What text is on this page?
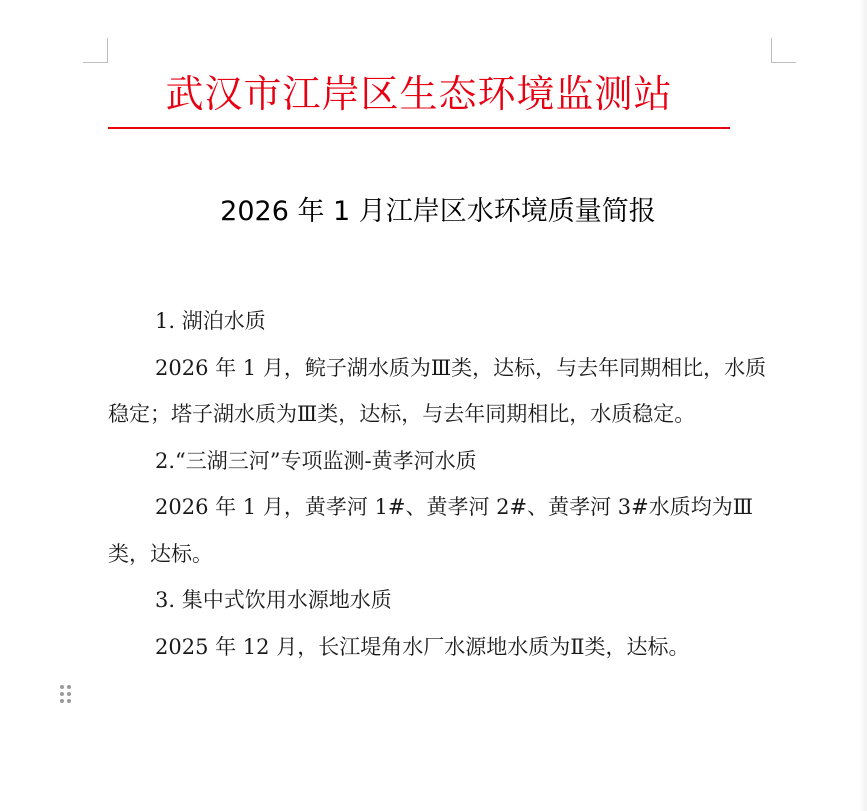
武汉市江岸区生态环境监测站
2026 年 1 月江岸区水环境质量简报

1. 湖泊水质

2026 年 1 月，鲩子湖水质为Ⅲ类，达标，与去年同期相比，水质稳定；塔子湖水质为Ⅲ类，达标，与去年同期相比，水质稳定。

2.“三湖三河”专项监测-黄孝河水质

2026 年 1 月，黄孝河 1#、黄孝河 2#、黄孝河 3#水质均为Ⅲ类，达标。

3. 集中式饮用水源地水质

2025 年 12 月，长江堤角水厂水源地水质为Ⅱ类，达标。
